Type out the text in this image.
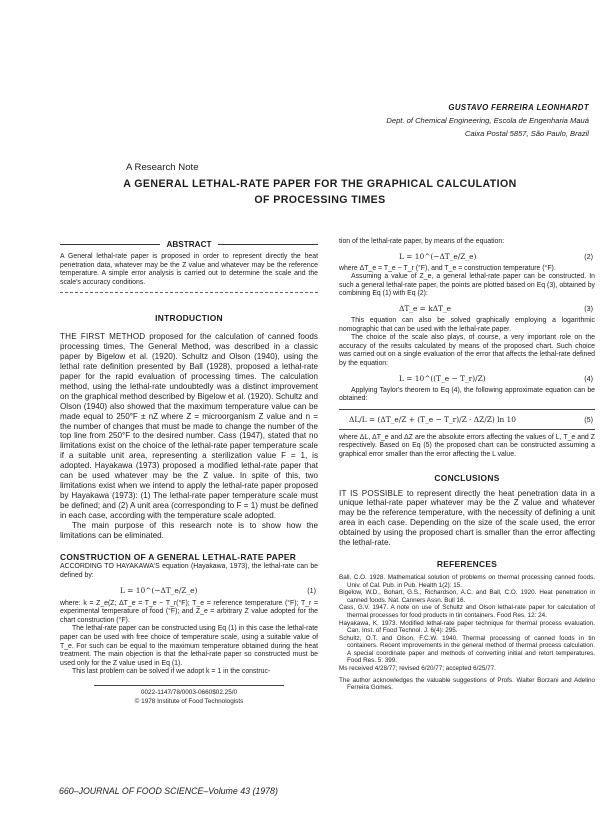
GUSTAVO FERREIRA LEONHARDT
Dept. of Chemical Engineering, Escola de Engenharia Mauá
Caixa Postal 5857, São Paulo, Brazil
A Research Note
A GENERAL LETHAL-RATE PAPER FOR THE GRAPHICAL CALCULATION
OF PROCESSING TIMES
ABSTRACT

A General lethal-rate paper is proposed in order to represent directly the heat penetration data, whatever may be the Z value and whatever may be the reference temperature. A simple error analysis is carried out to determine the scale and the scale's accuracy conditions.

INTRODUCTION

THE FIRST METHOD proposed for the calculation of canned foods processing times, The General Method, was described in a classic paper by Bigelow et al. (1920). Schultz and Olson (1940), using the lethal rate definition presented by Ball (1928), proposed a lethal-rate paper for the rapid evaluation of processing times. The calculation method, using the lethal-rate undoubtedly was a distinct improvement on the graphical method described by Bigelow et al. (1920). Schultz and Olson (1940) also showed that the maximum temperature value can be made equal to 250°F ± nZ where Z = microorganism Z value and n = the number of changes that must be made to change the number of the top line from 250°F to the desired number. Cass (1947), stated that no limitations exist on the choice of the lethal-rate paper temperature scale if a suitable unit area, representing a sterilization value F = 1, is adopted. Hayakawa (1973) proposed a modified lethal-rate paper that can be used whatever may be the Z value. In spite of this, two limitations exist when we intend to apply the lethal-rate paper proposed by Hayakawa (1973): (1) The lethal-rate paper temperature scale must be defined; and (2) A unit area (corresponding to F = 1) must be defined in each case, according with the temperature scale adopted.

The main purpose of this research note is to show how the limitations can be eliminated.

CONSTRUCTION OF A GENERAL LETHAL-RATE PAPER

ACCORDING TO HAYAKAWA'S equation (Hayakawa, 1973), the lethal-rate can be defined by:

L = 10^(−ΔT_e/Z_e)	(1)

where: k = Z_e(Z; ΔT_e = T_e − T_r(°F); T_e = reference temperature (°F); T_r = experimental temperature of food (°F); and Z_e = arbitrary Z value adopted for the chart construction (°F).

The lethal-rate paper can be constructed using Eq (1) in this case the lethal-rate paper can be used with free choice of temperature scale, using a suitable value of T_e. For such can be equal to the maximum temperature obtained during the heat treatment. The main objection is that the lethal-rate paper so constructed must be used only for the Z value used in Eq (1).

This last problem can be solved if we adopt k = 1 in the construc-

0022-1147/78/0003-0660$02.25/0
© 1978 Institute of Food Technologists

tion of the lethal-rate paper, by means of the equation:

L = 10^(−ΔT_e/Z_e)	(2)

where ΔT_e = T_e − T_r (°F), and T_e = construction temperature (°F).

Assuming a value of Z_e, a general lethal-rate paper can be constructed. In such a general lethal-rate paper, the points are plotted based on Eq (3), obtained by combining Eq (1) with Eq (2):

ΔT_e = kΔT_e	(3)

This equation can also be solved graphically employing a logarithmic nomographic that can be used with the lethal-rate paper.

The choice of the scale also plays, of course, a very important role on the accuracy of the results calculated by means of the proposed chart. Such choice was carried out on a single evaluation of the error that affects the lethal-rate defined by the equation:

L = 10^((T_e − T_r)/Z)	(4)

Applying Taylor's theorem to Eq (4), the following approximate equation can be obtained:

ΔL/L = (ΔT_e/Z + (T_e − T_r)/Z · ΔZ/Z) ln 10	(5)

where ΔL, ΔT_e and ΔZ are the absolute errors affecting the values of L, T_e and Z respectively. Based on Eq (5) the proposed chart can be constructed assuming a graphical error smaller than the error affecting the L value.

CONCLUSIONS

IT IS POSSIBLE to represent directly the heat penetration data in a unique lethal-rate paper whatever may be the Z value and whatever may be the reference temperature, with the necessity of defining a unit area in each case. Depending on the size of the scale used, the error obtained by using the proposed chart is smaller than the error affecting the lethal-rate.

REFERENCES

Ball, C.O. 1928. Mathematical solution of problems on thermal processing canned foods. Univ. of Cal. Pub. in Pub. Health 1(2): 15.

Bigelow, W.D., Bohart, G.S., Richardson, A.C. and Ball, C.O. 1920. Heat penetration in canned foods. Nat. Canners Assn. Bull 16.

Cass, G.V. 1947. A note on use of Schultz and Olson lethal-rate paper for calculation of thermal processes for food products in tin containers. Food Res. 12: 24.

Hayakawa, K. 1973. Modified lethal-rate paper technique for thermal process evaluation. Can. Inst. of Food Technol. J. 6(4): 295.

Schultz, O.T. and Olson, F.C.W. 1940. Thermal processing of canned foods in tin containers. Recent improvements in the general method of thermal process calculation. A special coordinate paper and methods of converting initial and retort temperatures. Food Res. 5: 399.

Ms received 4/28/77; revised 6/20/77; accepted 6/25/77.

The author acknowledges the valuable suggestions of Profs. Walter Borzani and Adelino Ferreira Gomes.

660–JOURNAL OF FOOD SCIENCE–Volume 43 (1978)
